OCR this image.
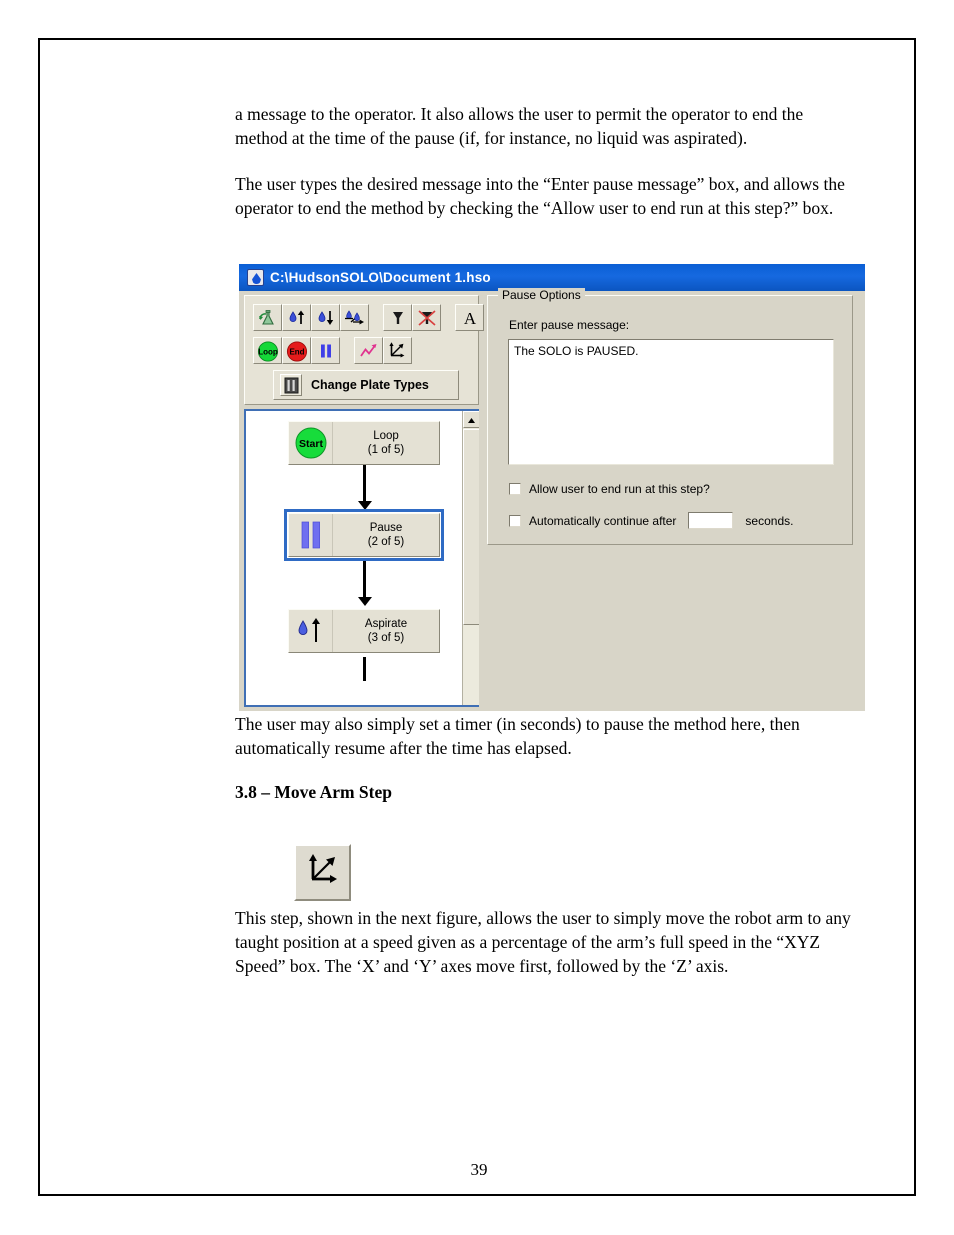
a message to the operator. It also allows the user to permit the operator to end the method at the time of the pause (if, for instance, no liquid was aspirated).

The user types the desired message into the “Enter pause message” box, and allows the operator to end the method by checking the “Allow user to end run at this step?” box.

C:\HudsonSOLO\Document 1.hso
A
Loop End
Change Plate Types
Start
Loop
(1 of 5)
Pause
(2 of 5)
Aspirate
(3 of 5)
Pause Options
Enter pause message:
The SOLO is PAUSED.
Allow user to end run at this step?
Automatically continue after	seconds.

The user may also simply set a timer (in seconds) to pause the method here, then automatically resume after the time has elapsed.

3.8 – Move Arm Step

This step, shown in the next figure, allows the user to simply move the robot arm to any taught position at a speed given as a percentage of the arm’s full speed in the “XYZ Speed” box. The ‘X’ and ‘Y’ axes move first, followed by the ‘Z’ axis.

39
